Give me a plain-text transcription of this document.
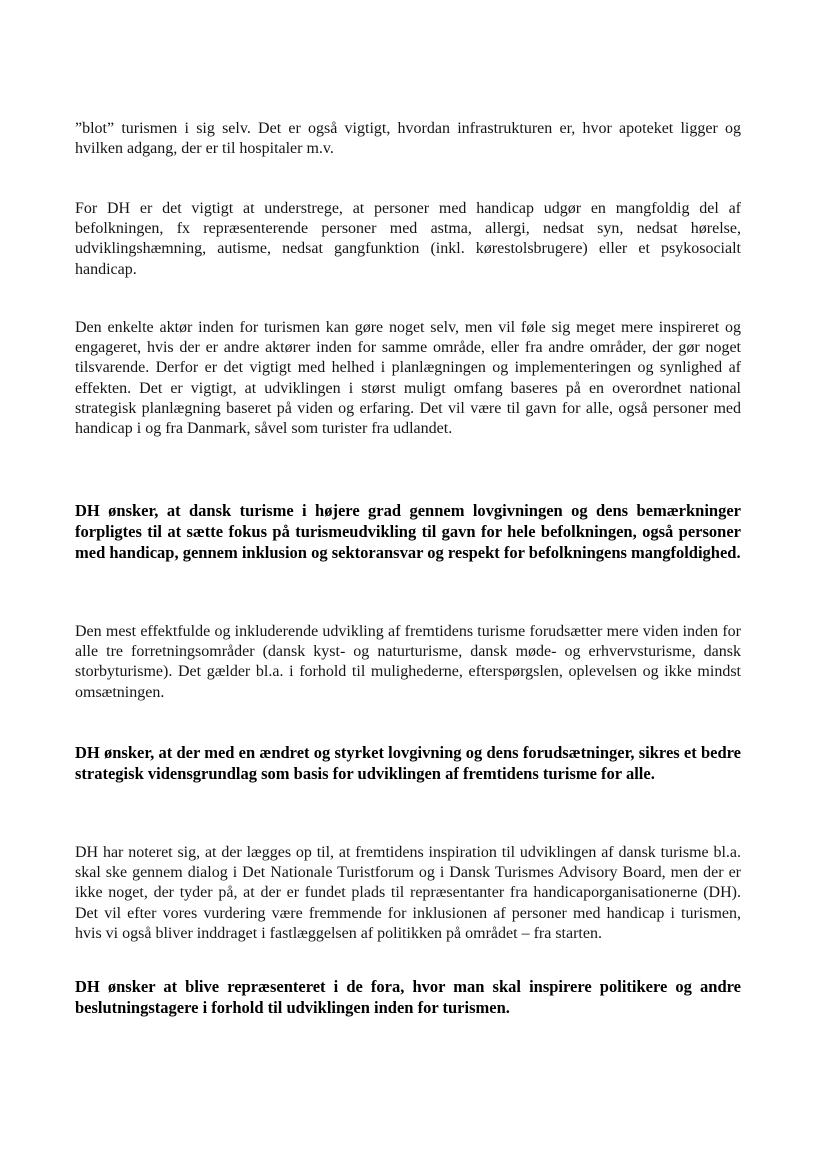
”blot” turismen i sig selv. Det er også vigtigt, hvordan infrastrukturen er, hvor apoteket ligger og hvilken adgang, der er til hospitaler m.v.

For DH er det vigtigt at understrege, at personer med handicap udgør en mangfoldig del af befolkningen, fx repræsenterende personer med astma, allergi, nedsat syn, nedsat hørelse, udviklingshæmning, autisme, nedsat gangfunktion (inkl. kørestolsbrugere) eller et psykosocialt handicap.

Den enkelte aktør inden for turismen kan gøre noget selv, men vil føle sig meget mere inspireret og engageret, hvis der er andre aktører inden for samme område, eller fra andre områder, der gør noget tilsvarende. Derfor er det vigtigt med helhed i planlægningen og implementeringen og synlighed af effekten. Det er vigtigt, at udviklingen i størst muligt omfang baseres på en overordnet national strategisk planlægning baseret på viden og erfaring. Det vil være til gavn for alle, også personer med handicap i og fra Danmark, såvel som turister fra udlandet.

DH ønsker, at dansk turisme i højere grad gennem lovgivningen og dens bemærkninger forpligtes til at sætte fokus på turismeudvikling til gavn for hele befolkningen, også personer med handicap, gennem inklusion og sektoransvar og respekt for befolkningens mangfoldighed.

Den mest effektfulde og inkluderende udvikling af fremtidens turisme forudsætter mere viden inden for alle tre forretningsområder (dansk kyst- og naturturisme, dansk møde- og erhvervsturisme, dansk storbyturisme). Det gælder bl.a. i forhold til mulighederne, efterspørgslen, oplevelsen og ikke mindst omsætningen.

DH ønsker, at der med en ændret og styrket lovgivning og dens forudsætninger, sikres et bedre strategisk vidensgrundlag som basis for udviklingen af fremtidens turisme for alle.

DH har noteret sig, at der lægges op til, at fremtidens inspiration til udviklingen af dansk turisme bl.a. skal ske gennem dialog i Det Nationale Turistforum og i Dansk Turismes Advisory Board, men der er ikke noget, der tyder på, at der er fundet plads til repræsentanter fra handicaporganisationerne (DH). Det vil efter vores vurdering være fremmende for inklusionen af personer med handicap i turismen, hvis vi også bliver inddraget i fastlæggelsen af politikken på området – fra starten.

DH ønsker at blive repræsenteret i de fora, hvor man skal inspirere politikere og andre beslutningstagere i forhold til udviklingen inden for turismen.
